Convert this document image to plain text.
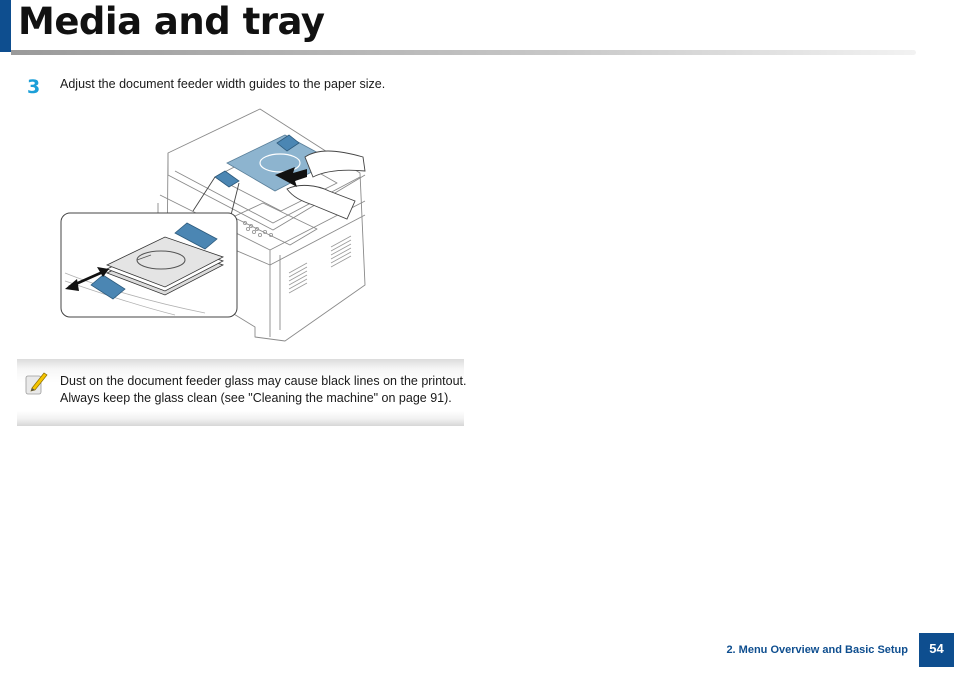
Media and tray
3 Adjust the document feeder width guides to the paper size.
Dust on the document feeder glass may cause black lines on the printout.
Always keep the glass clean (see "Cleaning the machine" on page 91).
2. Menu Overview and Basic Setup	54
